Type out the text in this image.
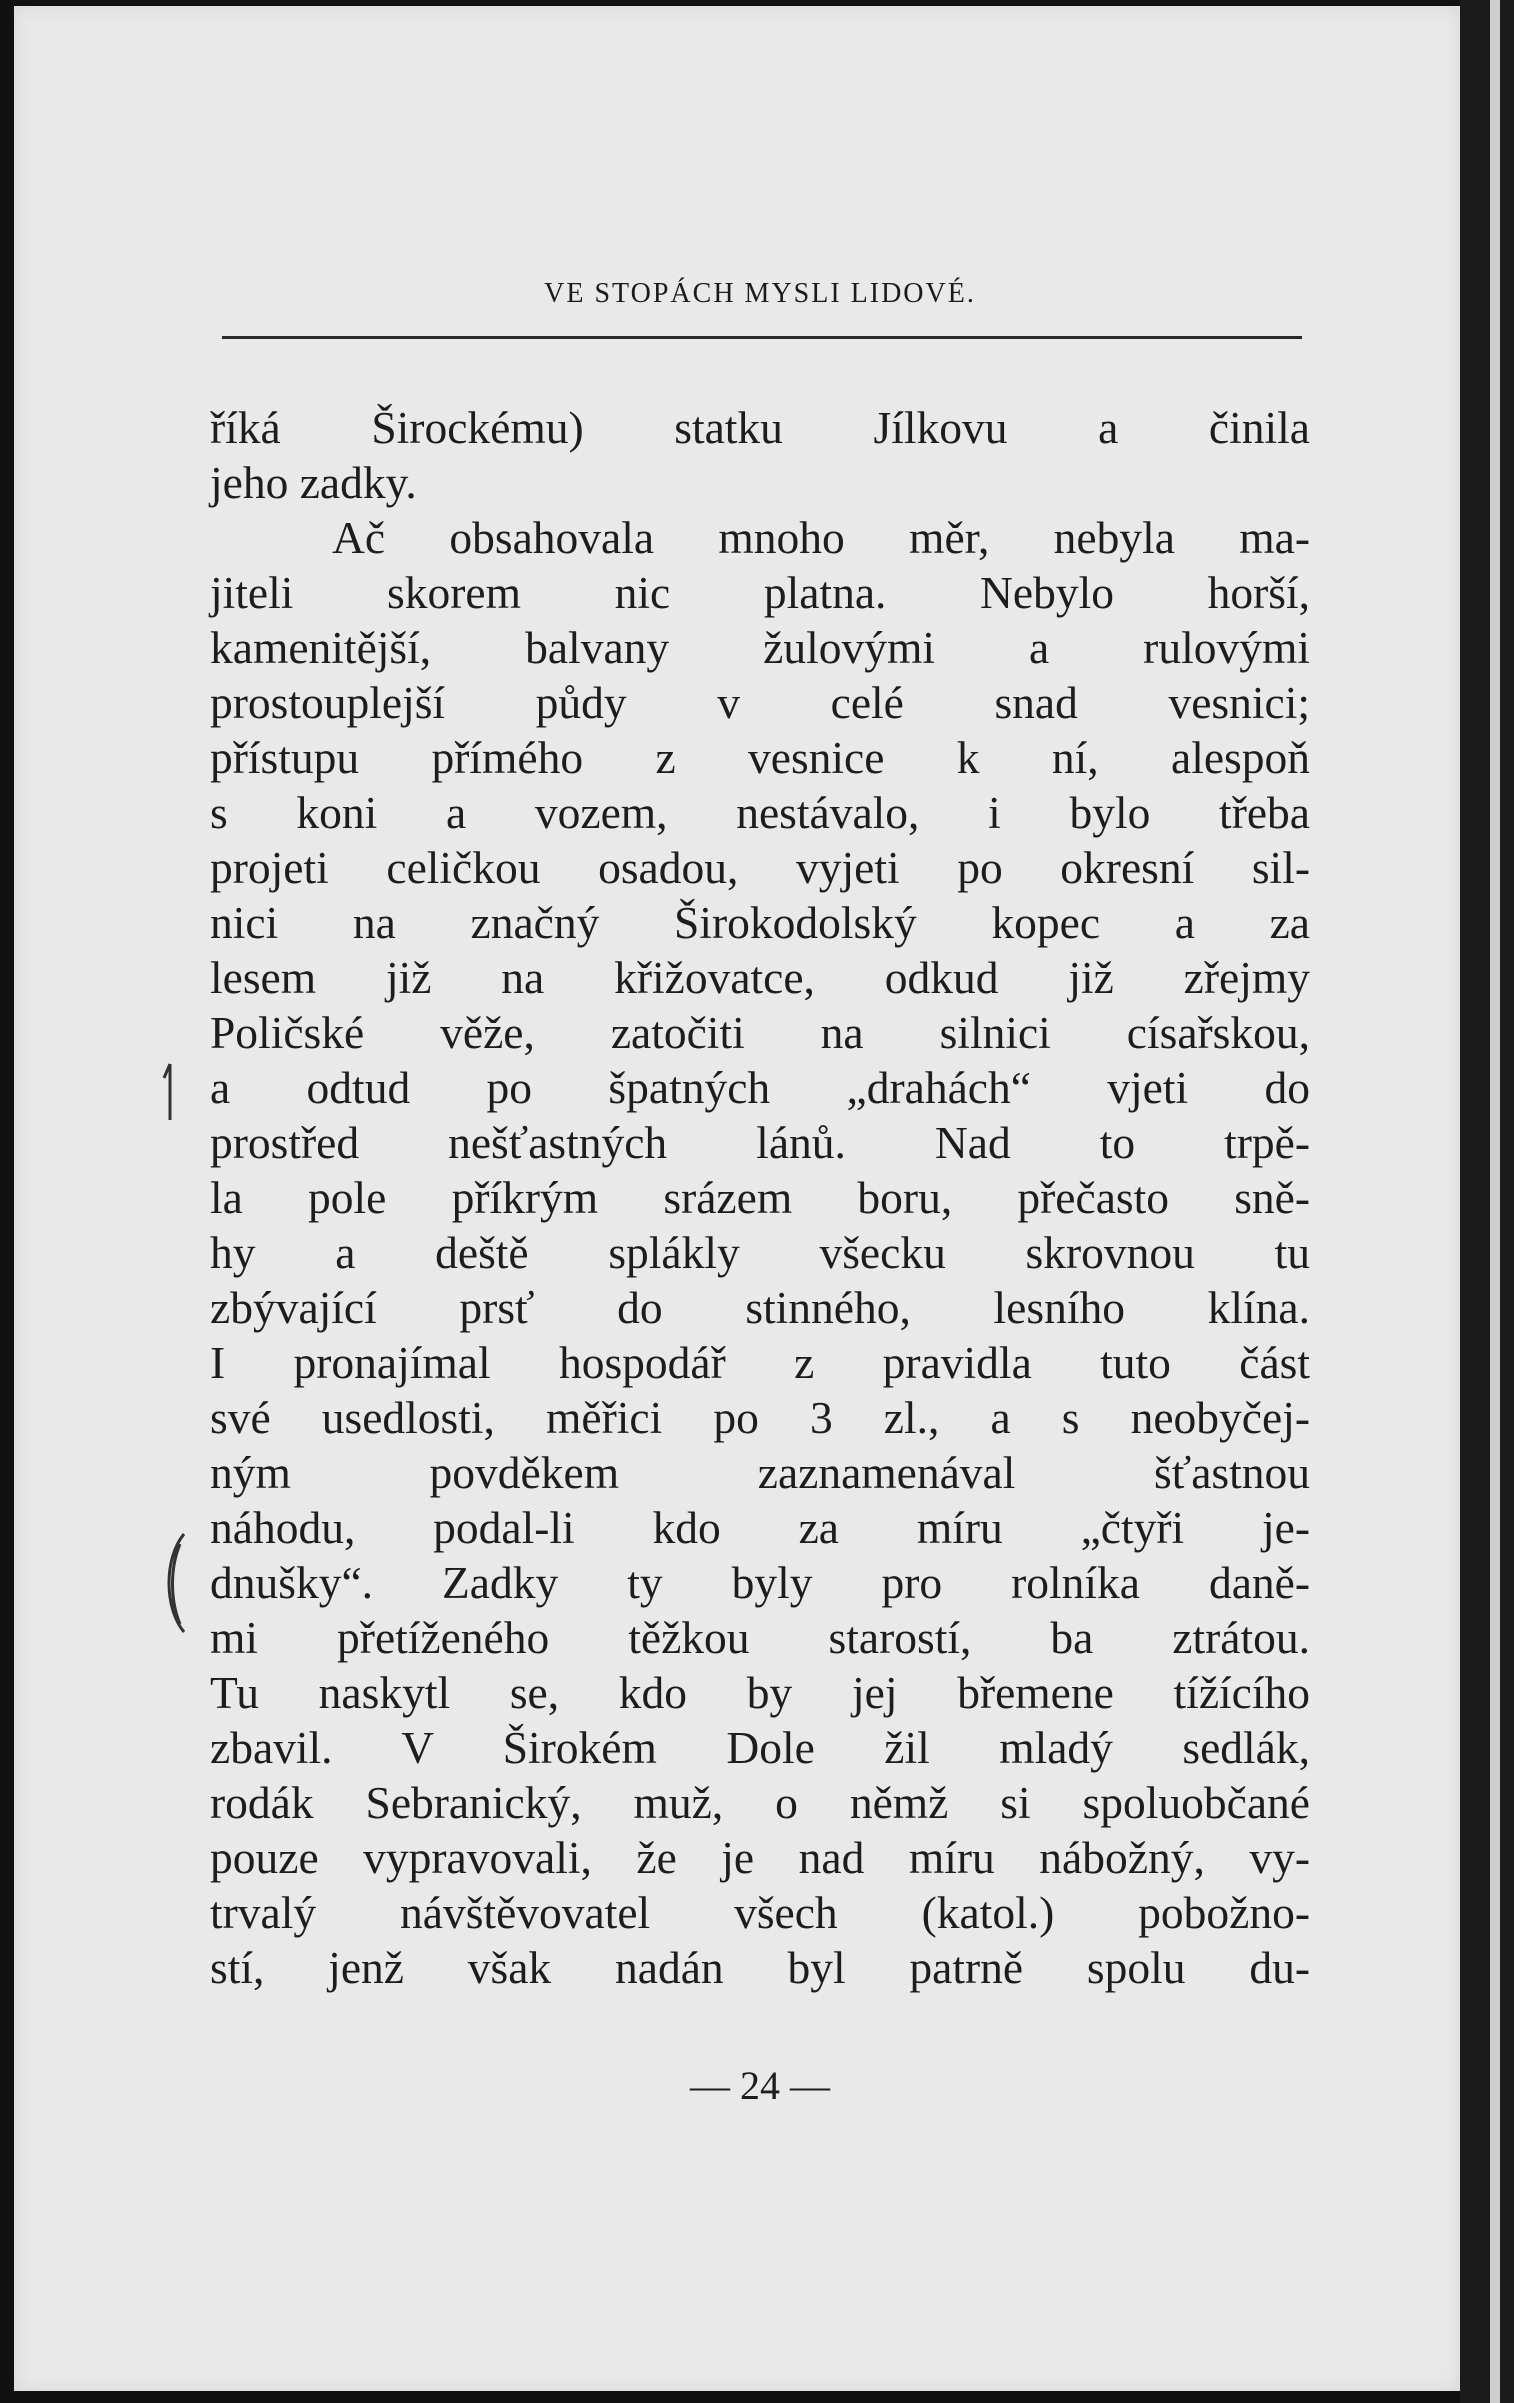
VE STOPÁCH MYSLI LIDOVÉ.
říká Širockému) statku Jílkovu a činila
jeho zadky.
Ač obsahovala mnoho měr, nebyla ma-
jiteli skorem nic platna. Nebylo horší,
kamenitější, balvany žulovými a rulovými
prostouplejší půdy v celé snad vesnici;
přístupu přímého z vesnice k ní, alespoň
s koni a vozem, nestávalo, i bylo třeba
projeti celičkou osadou, vyjeti po okresní sil-
nici na značný Širokodolský kopec a za
lesem již na křižovatce, odkud již zřejmy
Poličské věže, zatočiti na silnici císařskou,
a odtud po špatných „drahách“ vjeti do
prostřed nešťastných lánů. Nad to trpě-
la pole příkrým srázem boru, přečasto sně-
hy a deště splákly všecku skrovnou tu
zbývající prsť do stinného, lesního klína.
I pronajímal hospodář z pravidla tuto část
své usedlosti, měřici po 3 zl., a s neobyčej-
ným povděkem zaznamenával šťastnou
náhodu, podal-li kdo za míru „čtyři je-
dnušky“. Zadky ty byly pro rolníka daně-
mi přetíženého těžkou starostí, ba ztrátou.
Tu naskytl se, kdo by jej břemene tížícího
zbavil. V Širokém Dole žil mladý sedlák,
rodák Sebranický, muž, o němž si spoluobčané
pouze vypravovali, že je nad míru nábožný, vy-
trvalý návštěvovatel všech (katol.) pobožno-
stí, jenž však nadán byl patrně spolu du-
— 24 —
